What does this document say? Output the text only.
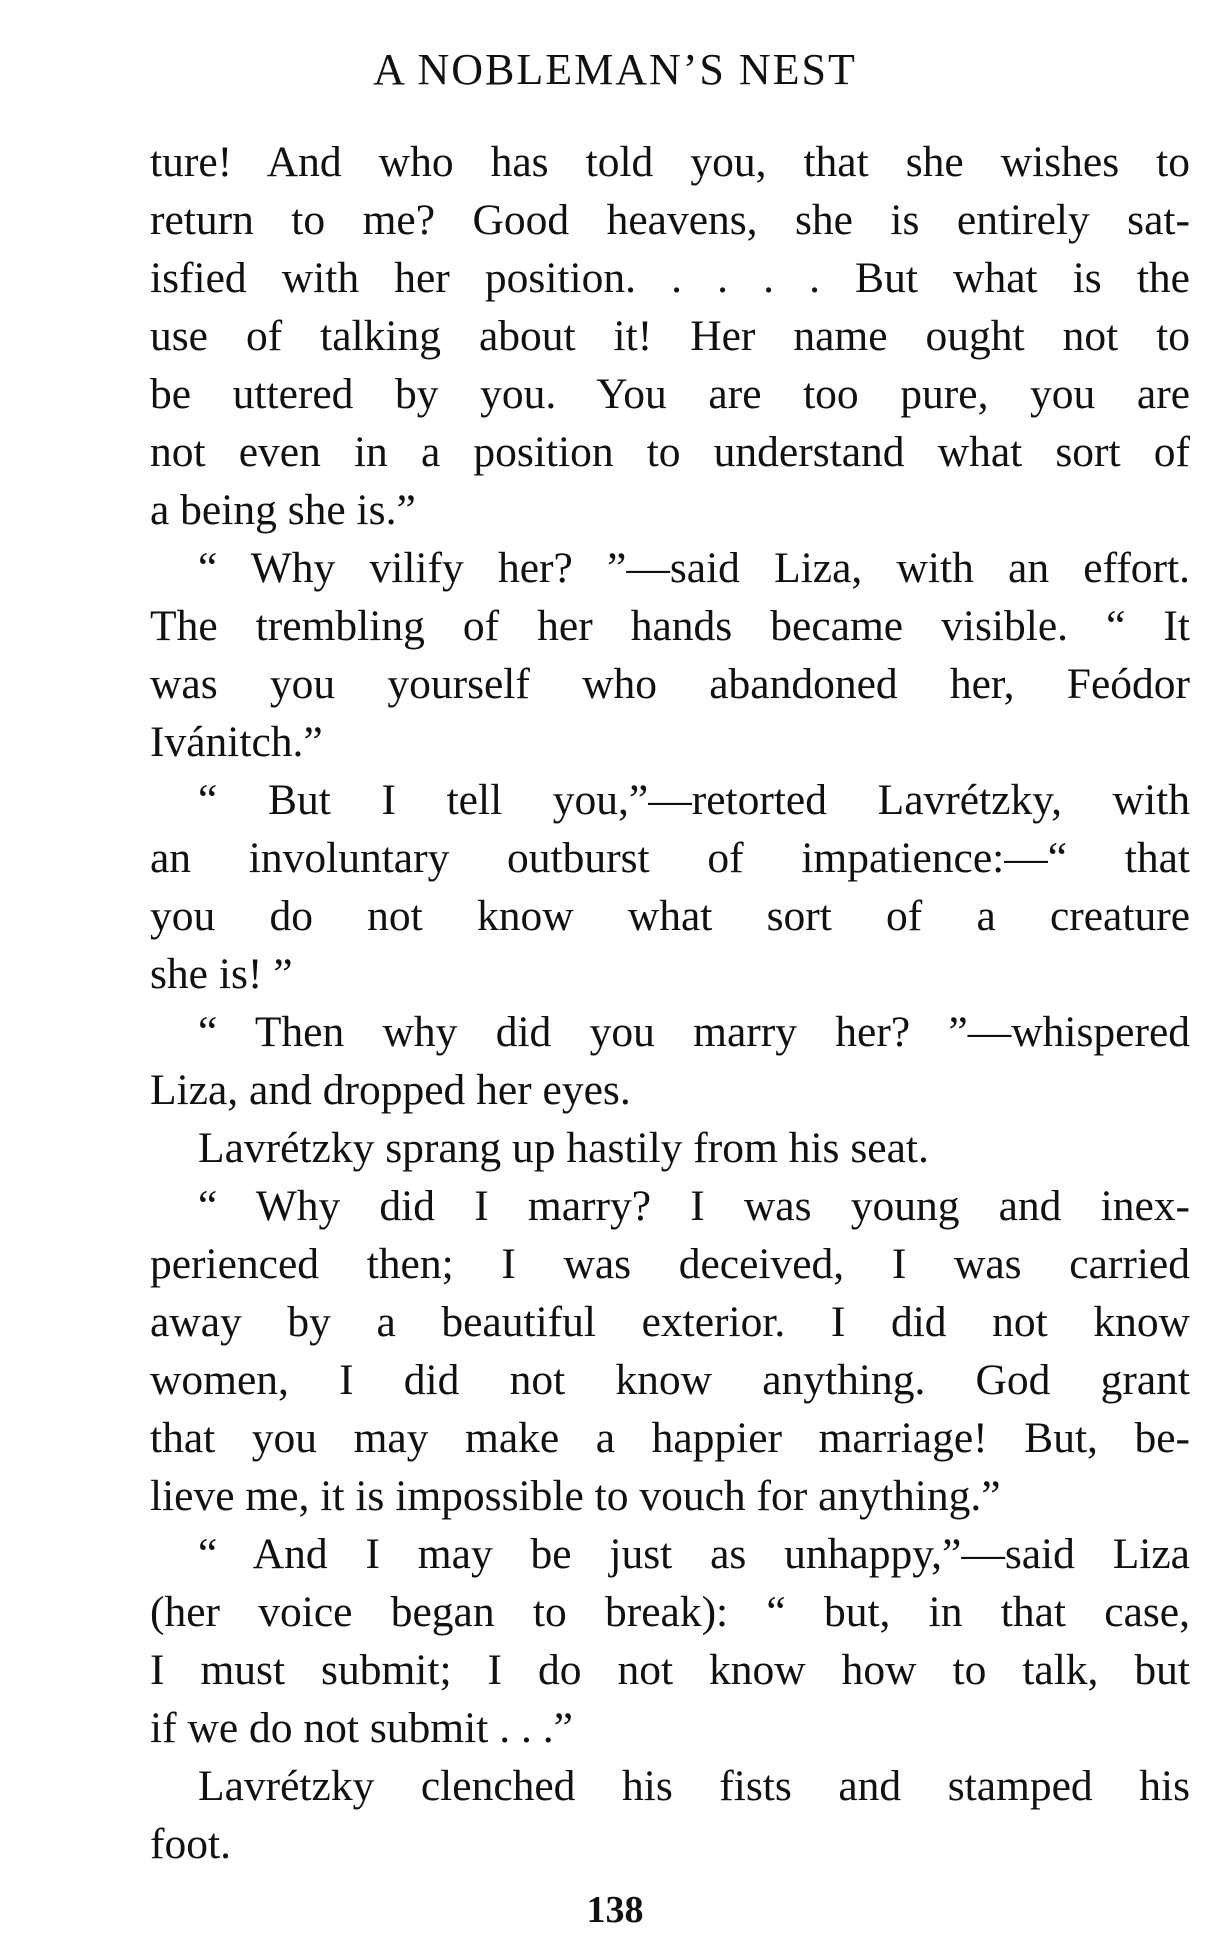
A NOBLEMAN’S NEST

ture! And who has told you, that she wishes to
return to me? Good heavens, she is entirely sat-
isfied with her position. . . . . But what is the
use of talking about it! Her name ought not to
be uttered by you. You are too pure, you are
not even in a position to understand what sort of
a being she is.”

“ Why vilify her? ”—said Liza, with an effort.
The trembling of her hands became visible. “ It
was you yourself who abandoned her, Feódor
Ivánitch.”

“ But I tell you,”—retorted Lavrétzky, with
an involuntary outburst of impatience:—“ that
you do not know what sort of a creature
she is! ”

“ Then why did you marry her? ”—whispered
Liza, and dropped her eyes.

Lavrétzky sprang up hastily from his seat.

“ Why did I marry? I was young and inex-
perienced then; I was deceived, I was carried
away by a beautiful exterior. I did not know
women, I did not know anything. God grant
that you may make a happier marriage! But, be-
lieve me, it is impossible to vouch for anything.”

“ And I may be just as unhappy,”—said Liza
(her voice began to break): “ but, in that case,
I must submit; I do not know how to talk, but
if we do not submit . . .”

Lavrétzky clenched his fists and stamped his
foot.

138
